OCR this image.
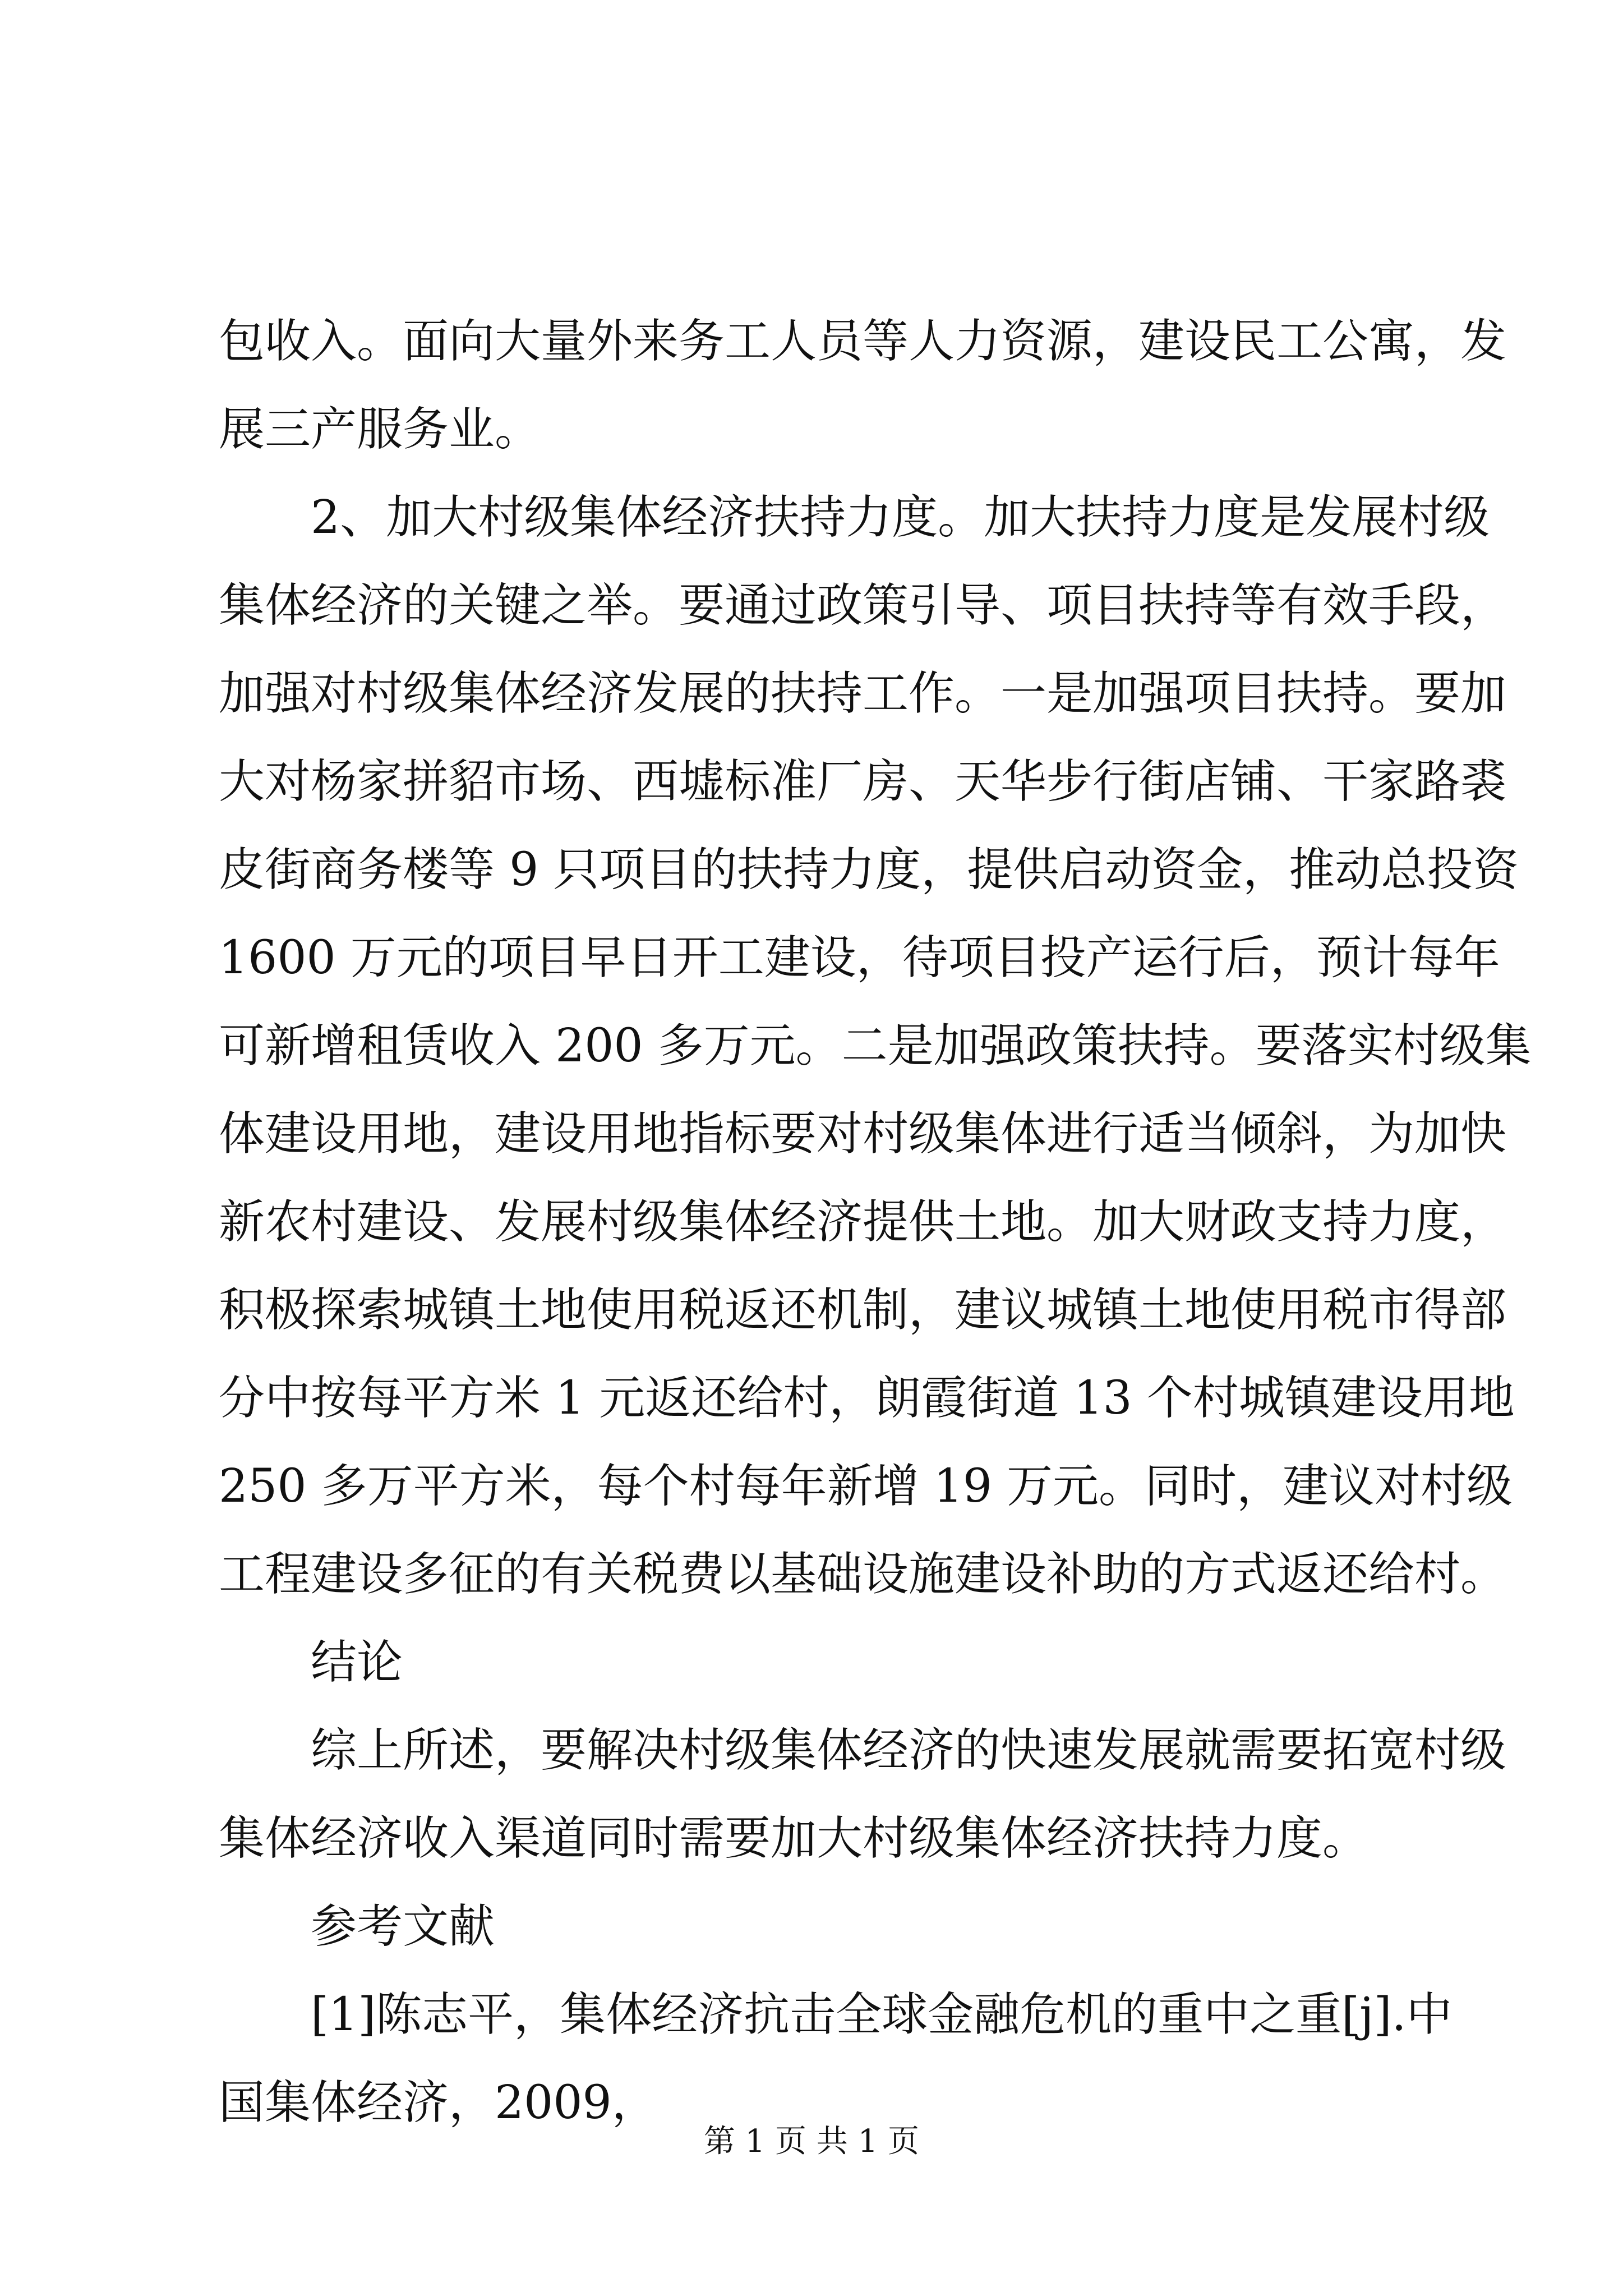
包收入。面向大量外来务工人员等人力资源，建设民工公寓，发
展三产服务业。
　　2、加大村级集体经济扶持力度。加大扶持力度是发展村级
集体经济的关键之举。要通过政策引导、项目扶持等有效手段，
加强对村级集体经济发展的扶持工作。一是加强项目扶持。要加
大对杨家拼貂市场、西墟标准厂房、天华步行街店铺、干家路裘
皮街商务楼等 9 只项目的扶持力度，提供启动资金，推动总投资
1600 万元的项目早日开工建设，待项目投产运行后，预计每年
可新增租赁收入 200 多万元。二是加强政策扶持。要落实村级集
体建设用地，建设用地指标要对村级集体进行适当倾斜，为加快
新农村建设、发展村级集体经济提供土地。加大财政支持力度，
积极探索城镇土地使用税返还机制，建议城镇土地使用税市得部
分中按每平方米 1 元返还给村，朗霞街道 13 个村城镇建设用地
250 多万平方米，每个村每年新增 19 万元。同时，建议对村级
工程建设多征的有关税费以基础设施建设补助的方式返还给村。
　　结论
　　综上所述，要解决村级集体经济的快速发展就需要拓宽村级
集体经济收入渠道同时需要加大村级集体经济扶持力度。
　　参考文献
　　[1]陈志平，集体经济抗击全球金融危机的重中之重[j].中
国集体经济，2009，
第 1 页 共 1 页
